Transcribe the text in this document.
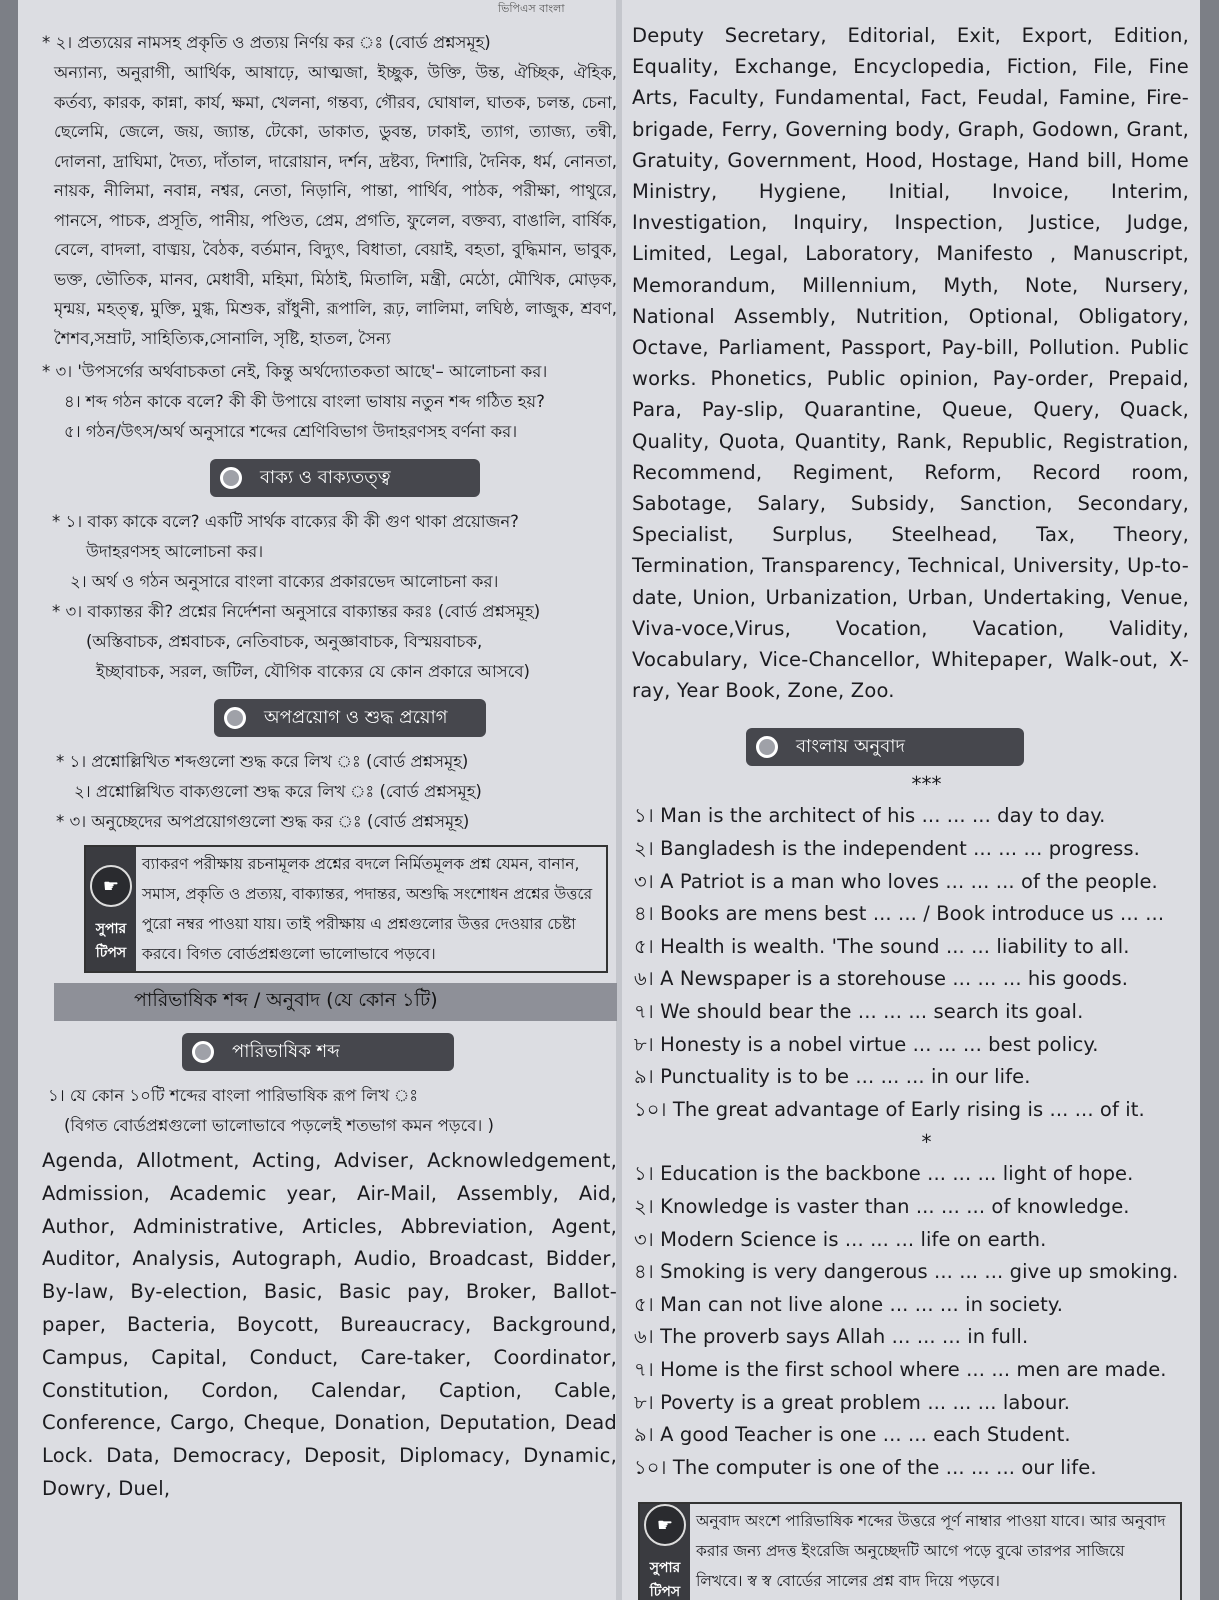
ভিপিএস বাংলা

* ২। প্রত্যয়ের নামসহ প্রকৃতি ও প্রত্যয় নির্ণয় কর ঃ (বোর্ড প্রশ্নসমূহ)

অন্যান্য, অনুরাগী, আর্থিক, আষাঢ়ে, আত্মজা, ইচ্ছুক, উক্তি, উন্ত, ঐচ্ছিক, ঐহিক, কর্তব্য, কারক, কান্না, কার্য, ক্ষমা, খেলনা, গন্তব্য, গৌরব, ঘোষাল, ঘাতক, চলন্ত, চেনা, ছেলেমি, জেলে, জয়, জ্যান্ত, টেকো, ডাকাত, ডুবন্ত, ঢাকাই, ত্যাগ, ত্যাজ্য, তন্বী, দোলনা, দ্রাঘিমা, দৈত্য, দাঁতাল, দারোয়ান, দর্শন, দ্রষ্টব্য, দিশারি, দৈনিক, ধর্ম, নোনতা, নায়ক, নীলিমা, নবান্ন, নশ্বর, নেতা, নিড়ানি, পান্তা, পার্থিব, পাঠক, পরীক্ষা, পাথুরে, পানসে, পাচক, প্রসূতি, পানীয়, পণ্ডিত, প্রেম, প্রগতি, ফুলেল, বক্তব্য, বাঙালি, বার্ষিক, বেলে, বাদলা, বাঙ্ময়, বৈঠক, বর্তমান, বিদ্যুৎ, বিধাতা, বেয়াই, বহতা, বুদ্ধিমান, ভাবুক, ভক্ত, ভৌতিক, মানব, মেধাবী, মহিমা, মিঠাই, মিতালি, মন্ত্রী, মেঠো, মৌখিক, মোড়ক, মৃন্ময়, মহত্ত্ব, মুক্তি, মুগ্ধ, মিশুক, রাঁধুনী, রূপালি, রূঢ়, লালিমা, লঘিষ্ঠ, লাজুক, শ্রবণ, শৈশব,সম্রাট, সাহিত্যিক,সোনালি, সৃষ্টি, হাতল, সৈন্য

* ৩। 'উপসর্গের অর্থবাচকতা নেই, কিন্তু অর্থদ্যোতকতা আছে'– আলোচনা কর।

৪। শব্দ গঠন কাকে বলে? কী কী উপায়ে বাংলা ভাষায় নতুন শব্দ গঠিত হয়?

৫। গঠন/উৎস/অর্থ অনুসারে শব্দের শ্রেণিবিভাগ উদাহরণসহ বর্ণনা কর।

বাক্য ও বাক্যতত্ত্ব

* ১। বাক্য কাকে বলে? একটি সার্থক বাক্যের কী কী গুণ থাকা প্রয়োজন?

উদাহরণসহ আলোচনা কর।

২। অর্থ ও গঠন অনুসারে বাংলা বাক্যের প্রকারভেদ আলোচনা কর।

* ৩। বাক্যান্তর কী? প্রশ্নের নির্দেশনা অনুসারে বাক্যান্তর করঃ (বোর্ড প্রশ্নসমূহ)

(অস্তিবাচক, প্রশ্নবাচক, নেতিবাচক, অনুজ্ঞাবাচক, বিস্ময়বাচক,

ইচ্ছাবাচক, সরল, জটিল, যৌগিক বাক্যের যে কোন প্রকারে আসবে)

অপপ্রয়োগ ও শুদ্ধ প্রয়োগ

* ১। প্রশ্নোল্লিখিত শব্দগুলো শুদ্ধ করে লিখ ঃ (বোর্ড প্রশ্নসমূহ)

২। প্রশ্নোল্লিখিত বাক্যগুলো শুদ্ধ করে লিখ ঃ (বোর্ড প্রশ্নসমূহ)

* ৩। অনুচ্ছেদের অপপ্রয়োগগুলো শুদ্ধ কর ঃ (বোর্ড প্রশ্নসমূহ)

☛
সুপার
টিপস
ব্যাকরণ পরীক্ষায় রচনামূলক প্রশ্নের বদলে নির্মিতমূলক প্রশ্ন যেমন, বানান, সমাস, প্রকৃতি ও প্রত্যয়, বাক্যান্তর, পদান্তর, অশুদ্ধি সংশোধন প্রশ্নের উত্তরে পুরো নম্বর পাওয়া যায়। তাই পরীক্ষায় এ প্রশ্নগুলোর উত্তর দেওয়ার চেষ্টা করবে। বিগত বোর্ডপ্রশ্নগুলো ভালোভাবে পড়বে।
পারিভাষিক শব্দ / অনুবাদ (যে কোন ১টি)
পারিভাষিক শব্দ

১। যে কোন ১০টি শব্দের বাংলা পারিভাষিক রূপ লিখ ঃ

(বিগত বোর্ডপ্রশ্নগুলো ভালোভাবে পড়লেই শতভাগ কমন পড়বে। )

Agenda, Allotment, Acting, Adviser, Acknowledgement, Admission, Academic year, Air-Mail, Assembly, Aid, Author, Administrative, Articles, Abbreviation, Agent, Auditor, Analysis, Autograph, Audio, Broadcast, Bidder, By-law, By-election, Basic, Basic pay, Broker, Ballot-paper, Bacteria, Boycott, Bureaucracy, Background, Campus, Capital, Conduct, Care-taker, Coordinator, Constitution, Cordon, Calendar, Caption, Cable, Conference, Cargo, Cheque, Donation, Deputation, Dead Lock. Data, Democracy, Deposit, Diplomacy, Dynamic, Dowry, Duel,

Deputy Secretary, Editorial, Exit, Export, Edition, Equality, Exchange, Encyclopedia, Fiction, File, Fine Arts, Faculty, Fundamental, Fact, Feudal, Famine, Fire-brigade, Ferry, Governing body, Graph, Godown, Grant, Gratuity, Government, Hood, Hostage, Hand bill, Home Ministry, Hygiene, Initial, Invoice, Interim, Investigation, Inquiry, Inspection, Justice, Judge, Limited, Legal, Laboratory, Manifesto , Manuscript, Memorandum, Millennium, Myth, Note, Nursery, National Assembly, Nutrition, Optional, Obligatory, Octave, Parliament, Passport, Pay-bill, Pollution. Public works. Phonetics, Public opinion, Pay-order, Prepaid, Para, Pay-slip, Quarantine, Queue, Query, Quack, Quality, Quota, Quantity, Rank, Republic, Registration, Recommend, Regiment, Reform, Record room, Sabotage, Salary, Subsidy, Sanction, Secondary, Specialist, Surplus, Steelhead, Tax, Theory, Termination, Transparency, Technical, University, Up-to-date, Union, Urbanization, Urban, Undertaking, Venue, Viva-voce,Virus, Vocation, Vacation, Validity, Vocabulary, Vice-Chancellor, Whitepaper, Walk-out, X-ray, Year Book, Zone, Zoo.

বাংলায় অনুবাদ
***
১। Man is the architect of his ... ... ... day to day.
২। Bangladesh is the independent ... ... ... progress.
৩। A Patriot is a man who loves ... ... ... of the people.
৪। Books are mens best ... ... / Book introduce us ... ...
৫। Health is wealth. 'The sound ... ... liability to all.
৬। A Newspaper is a storehouse ... ... ... his goods.
৭। We should bear the ... ... ... search its goal.
৮। Honesty is a nobel virtue ... ... ... best policy.
৯। Punctuality is to be ... ... ... in our life.
১০। The great advantage of Early rising is ... ... of it.
*
১। Education is the backbone ... ... ... light of hope.
২। Knowledge is vaster than ... ... ... of knowledge.
৩। Modern Science is ... ... ... life on earth.
৪। Smoking is very dangerous ... ... ... give up smoking.
৫। Man can not live alone ... ... ... in society.
৬। The proverb says Allah ... ... ... in full.
৭। Home is the first school where ... ... men are made.
৮। Poverty is a great problem ... ... ... labour.
৯। A good Teacher is one ... ... each Student.
১০। The computer is one of the ... ... ... our life.
☛
সুপার
টিপস
অনুবাদ অংশে পারিভাষিক শব্দের উত্তরে পূর্ণ নাম্বার পাওয়া যাবে। আর অনুবাদ করার জন্য প্রদত্ত ইংরেজি অনুচ্ছেদটি আগে পড়ে বুঝে তারপর সাজিয়ে লিখবে। স্ব স্ব বোর্ডের সালের প্রশ্ন বাদ দিয়ে পড়বে।
